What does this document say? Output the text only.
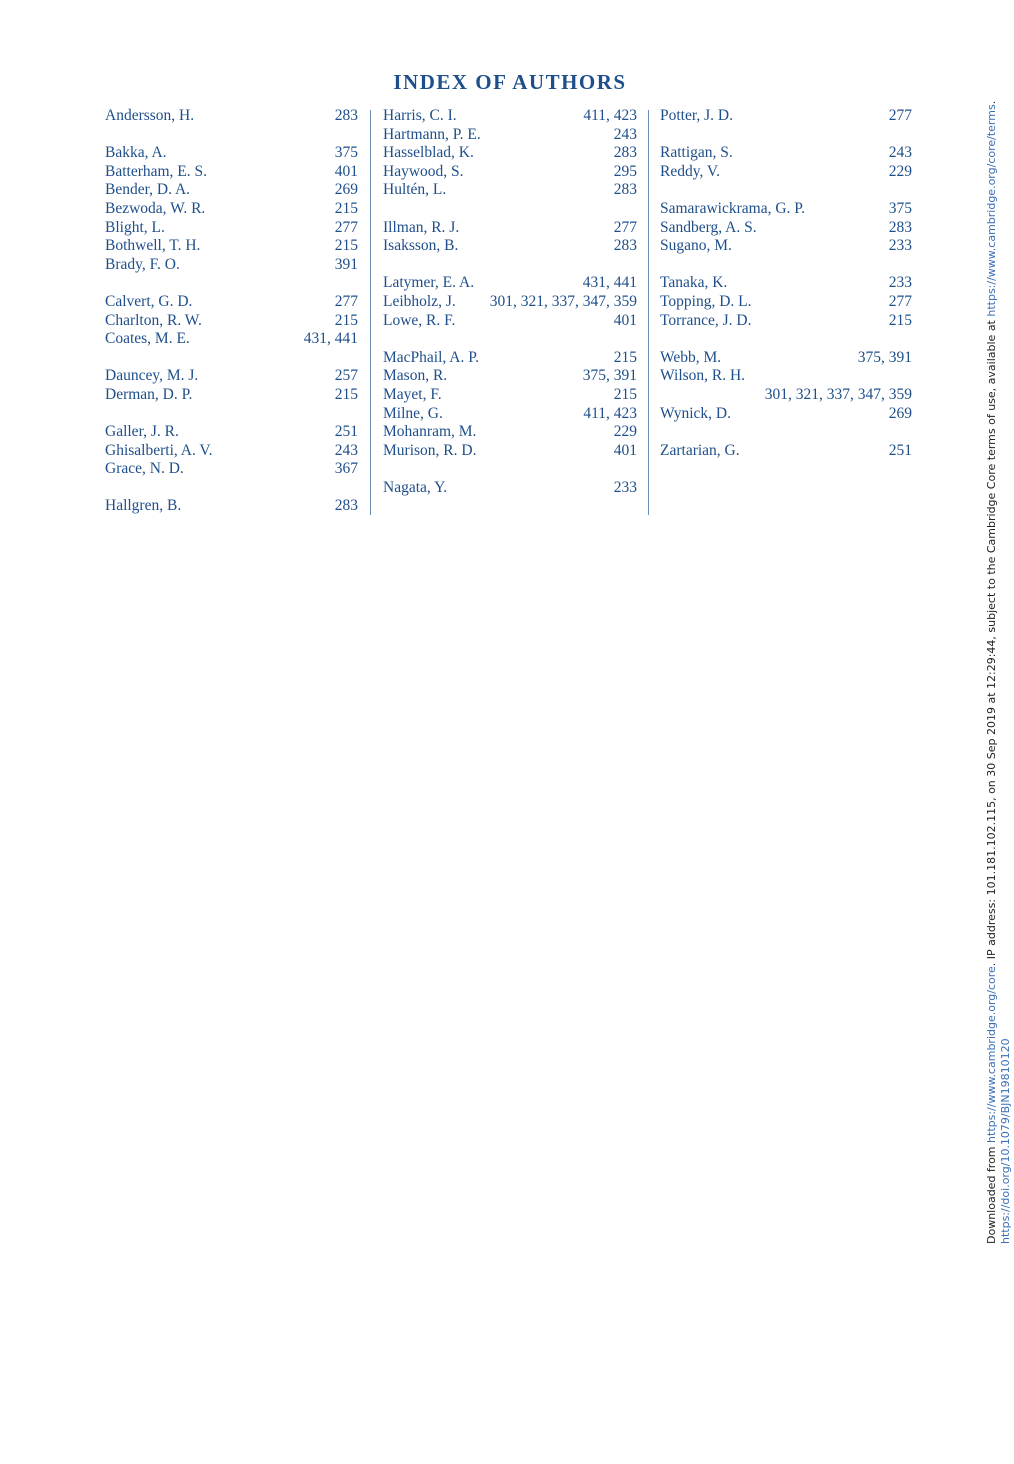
INDEX OF AUTHORS
Andersson, H.	283
Bakka, A.	375
Batterham, E. S.	401
Bender, D. A.	269
Bezwoda, W. R.	215
Blight, L.	277
Bothwell, T. H.	215
Brady, F. O.	391
Calvert, G. D.	277
Charlton, R. W.	215
Coates, M. E.	431, 441
Dauncey, M. J.	257
Derman, D. P.	215
Galler, J. R.	251
Ghisalberti, A. V.	243
Grace, N. D.	367
Hallgren, B.	283
Harris, C. I.	411, 423
Hartmann, P. E.	243
Hasselblad, K.	283
Haywood, S.	295
Hultén, L.	283
Illman, R. J.	277
Isaksson, B.	283
Latymer, E. A.	431, 441
Leibholz, J. 301, 321, 337, 347, 359
Lowe, R. F.	401
MacPhail, A. P.	215
Mason, R.	375, 391
Mayet, F.	215
Milne, G.	411, 423
Mohanram, M.	229
Murison, R. D.	401
Nagata, Y.	233
Potter, J. D.	277
Rattigan, S.	243
Reddy, V.	229
Samarawickrama, G. P.	375
Sandberg, A. S.	283
Sugano, M.	233
Tanaka, K.	233
Topping, D. L.	277
Torrance, J. D.	215
Webb, M.	375, 391
Wilson, R. H.
301, 321, 337, 347, 359
Wynick, D.	269
Zartarian, G.	251
Downloaded from https://www.cambridge.org/core. IP address: 101.181.102.115, on 30 Sep 2019 at 12:29:44, subject to the Cambridge Core terms of use, available at https://www.cambridge.org/core/terms.
https://doi.org/10.1079/BJN19810120
